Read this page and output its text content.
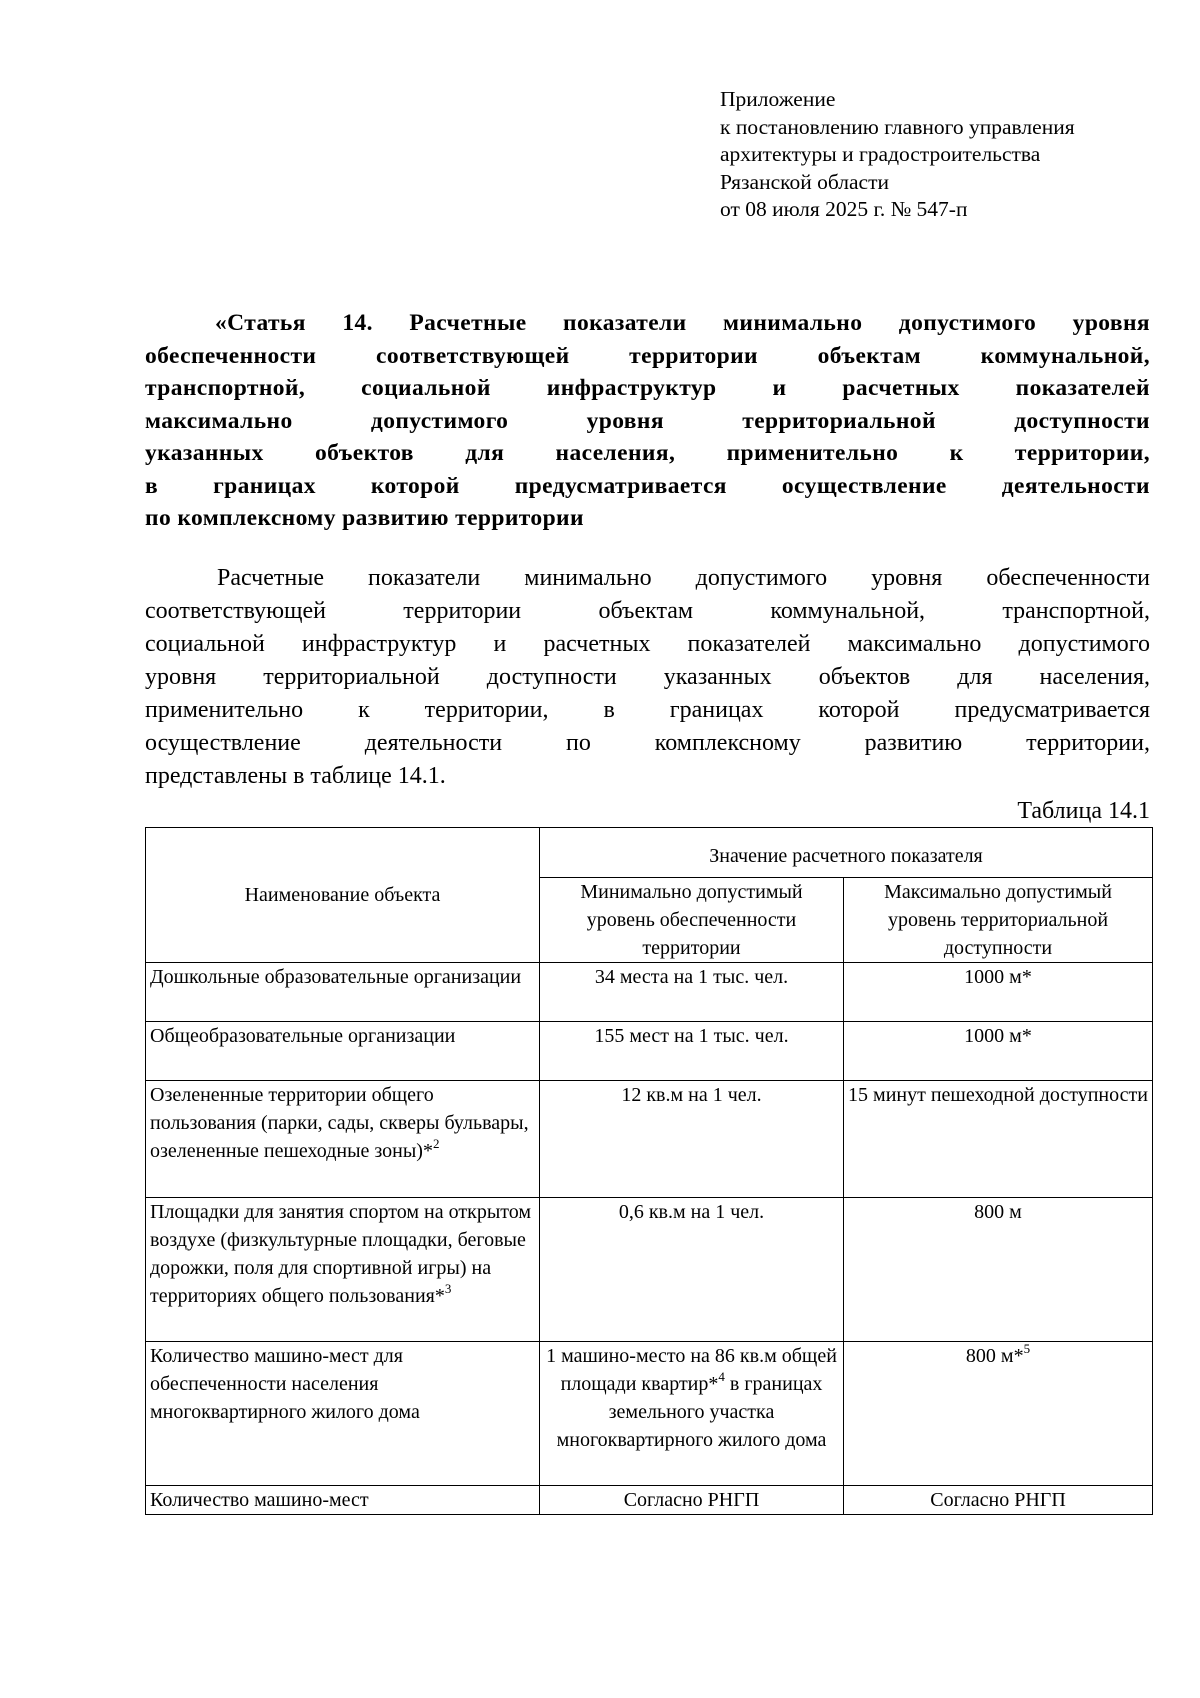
Приложение
к постановлению главного управления
архитектуры и градостроительства
Рязанской области
от 08 июля 2025 г. № 547-п
«Статья 14. Расчетные показатели минимально допустимого уровня
обеспеченности соответствующей территории объектам коммунальной,
транспортной, социальной инфраструктур и расчетных показателей
максимально допустимого уровня территориальной доступности
указанных объектов для населения, применительно к территории,
в границах которой предусматривается осуществление деятельности
по комплексному развитию территории
Расчетные показатели минимально допустимого уровня обеспеченности
соответствующей территории объектам коммунальной, транспортной,
социальной инфраструктур и расчетных показателей максимально допустимого
уровня территориальной доступности указанных объектов для населения,
применительно к территории, в границах которой предусматривается
осуществление деятельности по комплексному развитию территории,
представлены в таблице 14.1.
Таблица 14.1
Наименование объекта	Значение расчетного показателя	
	Минимально допустимый уровень обеспеченности территории	Максимально допустимый уровень территориальной доступности
Дошкольные образовательные организации	34 места на 1 тыс. чел.	1000 м*
Общеобразовательные организации	155 мест на 1 тыс. чел.	1000 м*
Озелененные территории общего пользования (парки, сады, скверы бульвары, озелененные пешеходные зоны)*$^2$	12 кв.м на 1 чел.	15 минут пешеходной доступности
Площадки для занятия спортом на открытом воздухе (физкультурные площадки, беговые дорожки, поля для спортивной игры) на территориях общего пользования*$^3$	0,6 кв.м на 1 чел.	800 м
Количество машино-мест для обеспеченности населения многоквартирного жилого дома	1 машино-место на 86 кв.м общей площади квартир*$^4$ в границах земельного участка многоквартирного жилого дома	800 м*$^5$
Количество машино-мест	Согласно РНГП	Согласно РНГП
